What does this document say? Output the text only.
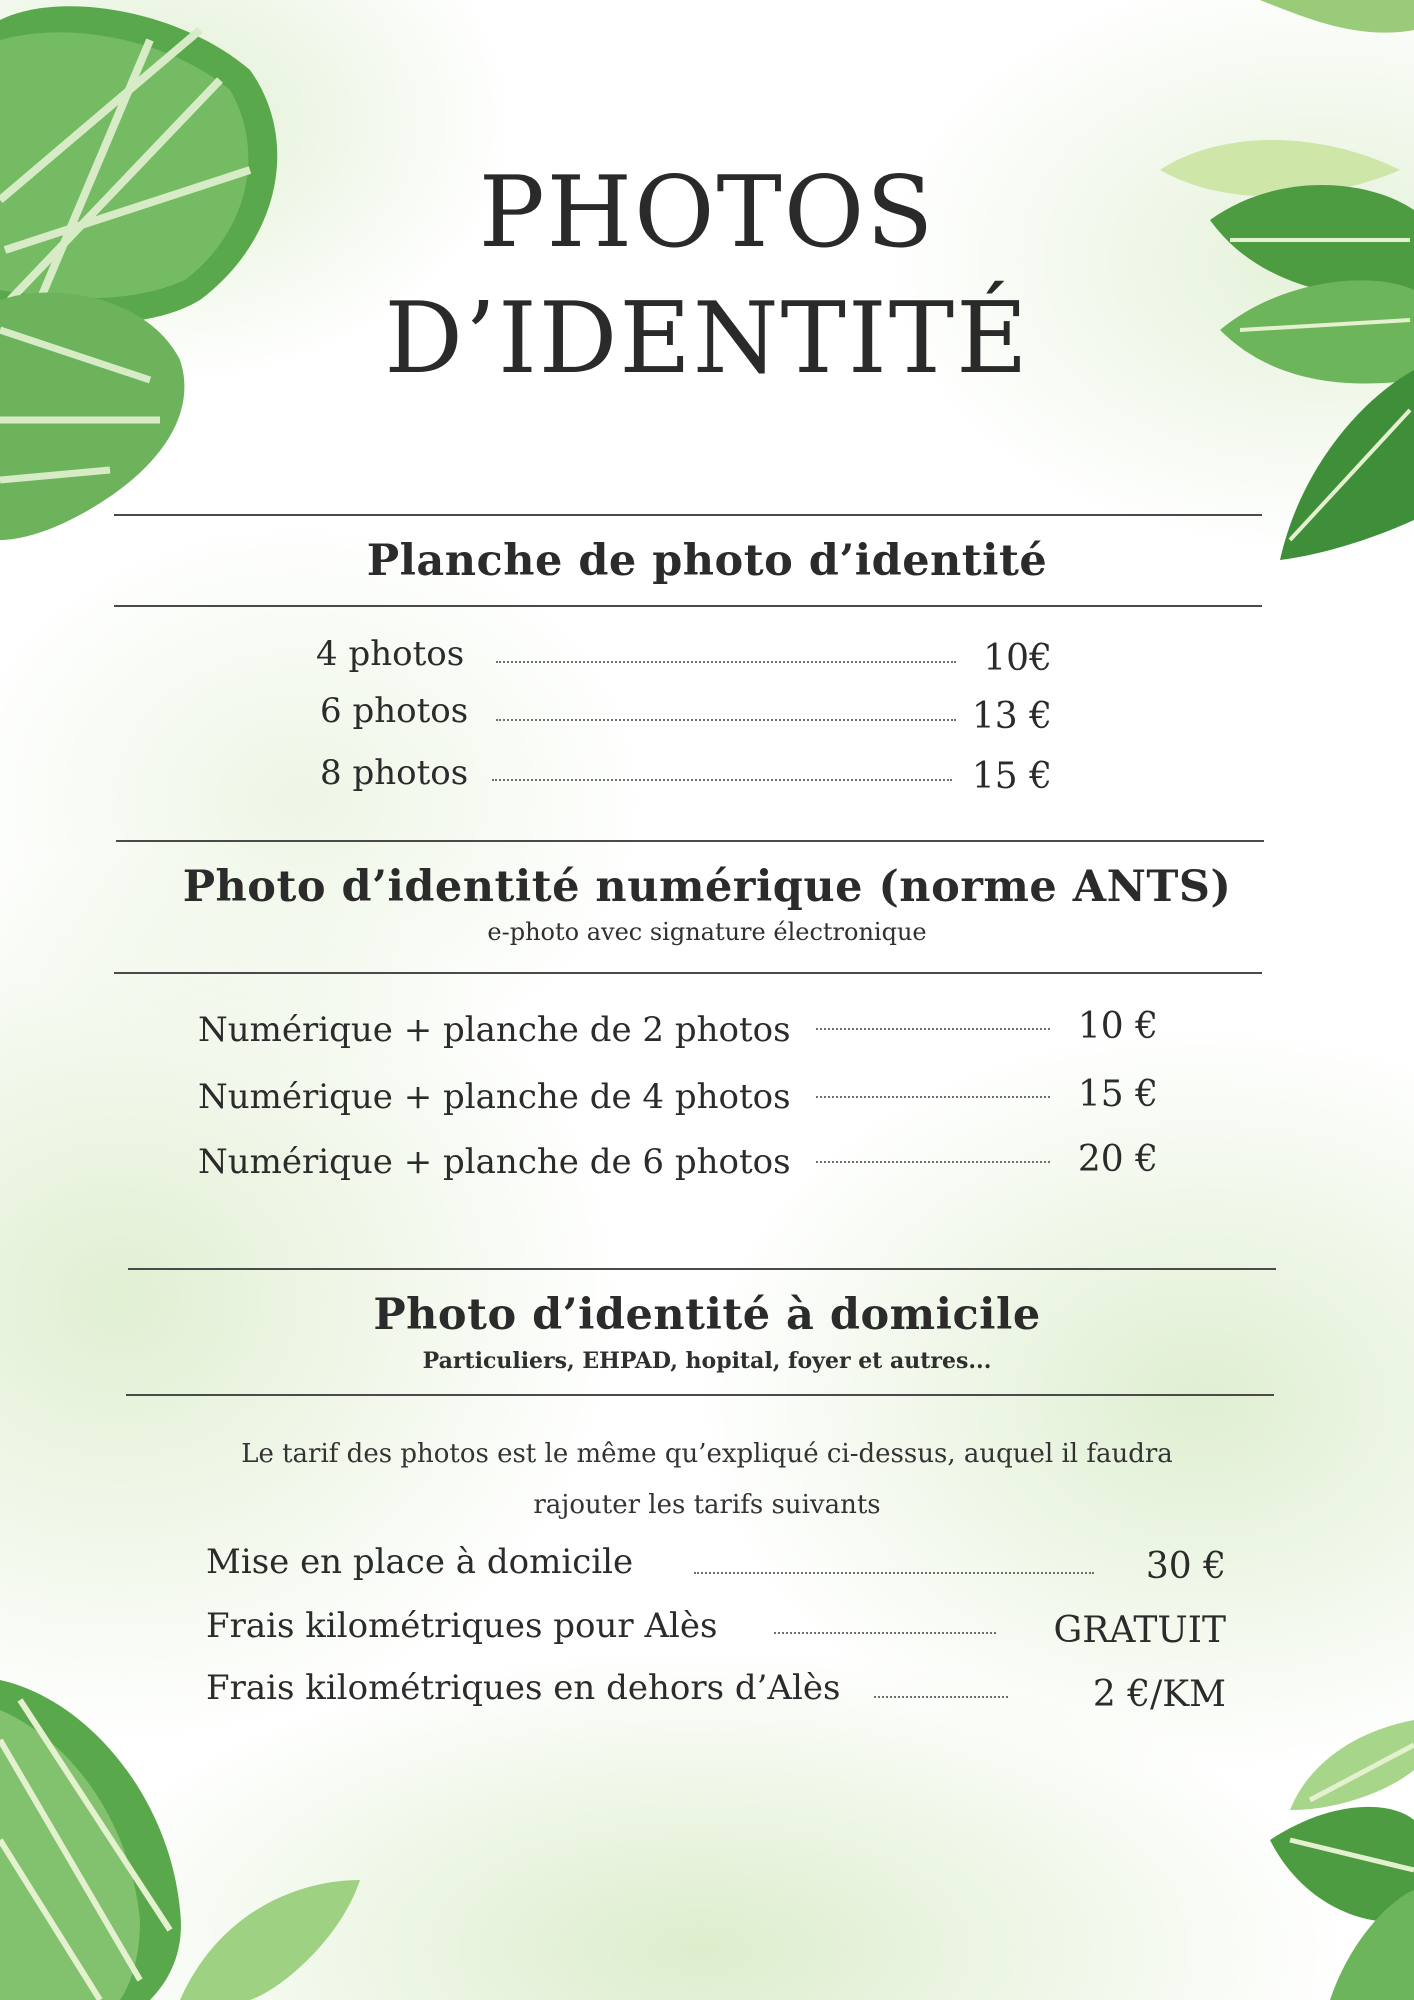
PHOTOS
D’IDENTITÉ
Planche de photo d’identité
4 photos	10€
6 photos	13 €
8 photos	15 €
Photo d’identité numérique (norme ANTS)
e-photo avec signature électronique
Numérique + planche de 2 photos	10 €
Numérique + planche de 4 photos	15 €
Numérique + planche de 6 photos	20 €
Photo d’identité à domicile
Particuliers, EHPAD, hopital, foyer et autres...
Le tarif des photos est le même qu’expliqué ci-dessus, auquel il faudra
rajouter les tarifs suivants
Mise en place à domicile	30 €
Frais kilométriques pour Alès	GRATUIT
Frais kilométriques en dehors d’Alès	2 €/KM
